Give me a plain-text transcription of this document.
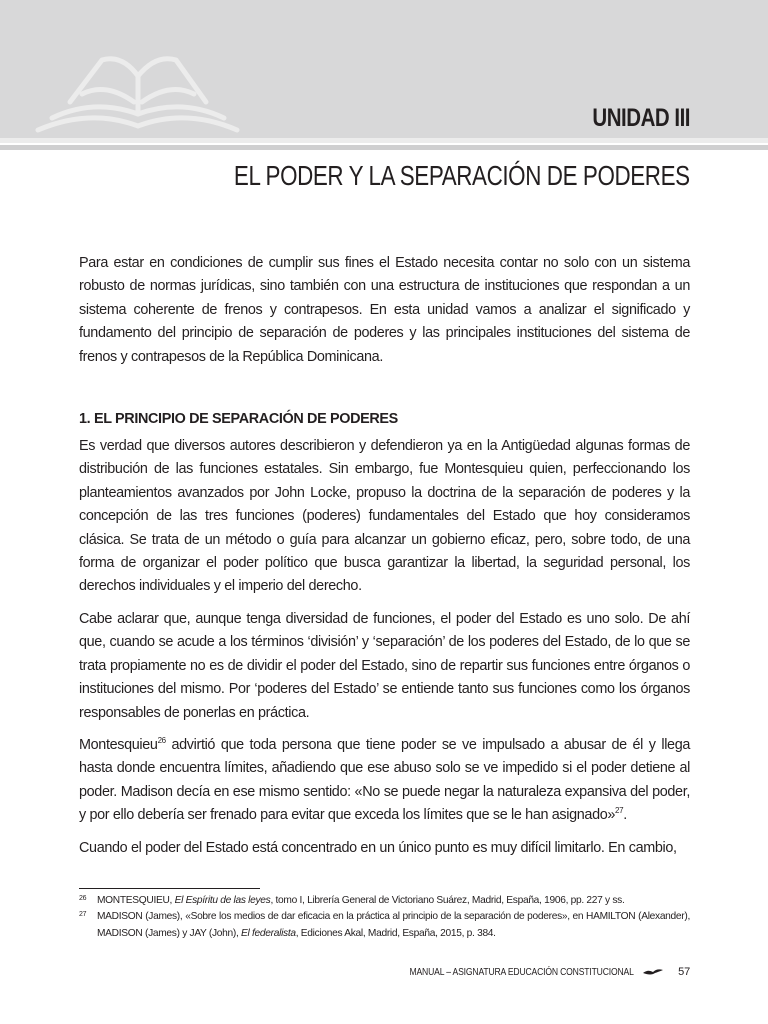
UNIDAD III
EL PODER Y LA SEPARACIÓN DE PODERES

Para estar en condiciones de cumplir sus fines el Estado necesita contar no solo con un sistema robusto de normas jurídicas, sino también con una estructura de instituciones que respondan a un sistema coherente de frenos y contrapesos. En esta unidad vamos a analizar el significado y fundamento del principio de separación de poderes y las principales instituciones del sistema de frenos y contrapesos de la República Dominicana.

1. EL PRINCIPIO DE SEPARACIÓN DE PODERES

Es verdad que diversos autores describieron y defendieron ya en la Antigüedad algunas formas de distribución de las funciones estatales. Sin embargo, fue Montesquieu quien, perfeccionando los planteamientos avanzados por John Locke, propuso la doctrina de la separación de poderes y la concepción de las tres funciones (poderes) fundamentales del Estado que hoy consideramos clásica. Se trata de un método o guía para alcanzar un gobierno eficaz, pero, sobre todo, de una forma de organizar el poder político que busca garantizar la libertad, la seguridad personal, los derechos individuales y el imperio del derecho.

Cabe aclarar que, aunque tenga diversidad de funciones, el poder del Estado es uno solo. De ahí que, cuando se acude a los términos ‘división’ y ‘separación’ de los poderes del Estado, de lo que se trata propiamente no es de dividir el poder del Estado, sino de repartir sus funciones entre órganos o instituciones del mismo. Por ‘poderes del Estado’ se entiende tanto sus funciones como los órganos responsables de ponerlas en práctica.

Montesquieu$^{26}$ advirtió que toda persona que tiene poder se ve impulsado a abusar de él y llega hasta donde encuentra límites, añadiendo que ese abuso solo se ve impedido si el poder detiene al poder. Madison decía en ese mismo sentido: «No se puede negar la naturaleza expansiva del poder, y por ello debería ser frenado para evitar que exceda los límites que se le han asignado»$^{27}$.

Cuando el poder del Estado está concentrado en un único punto es muy difícil limitarlo. En cambio,

26 MONTESQUIEU, El Espíritu de las leyes, tomo I, Librería General de Victoriano Suárez, Madrid, España, 1906, pp. 227 y ss.
27 MADISON (James), «Sobre los medios de dar eficacia en la práctica al principio de la separación de poderes», en HAMILTON (Alexander), MADISON (James) y JAY (John), El federalista, Ediciones Akal, Madrid, España, 2015, p. 384.
MANUAL – ASIGNATURA EDUCACIÓN CONSTITUCIONAL	57
